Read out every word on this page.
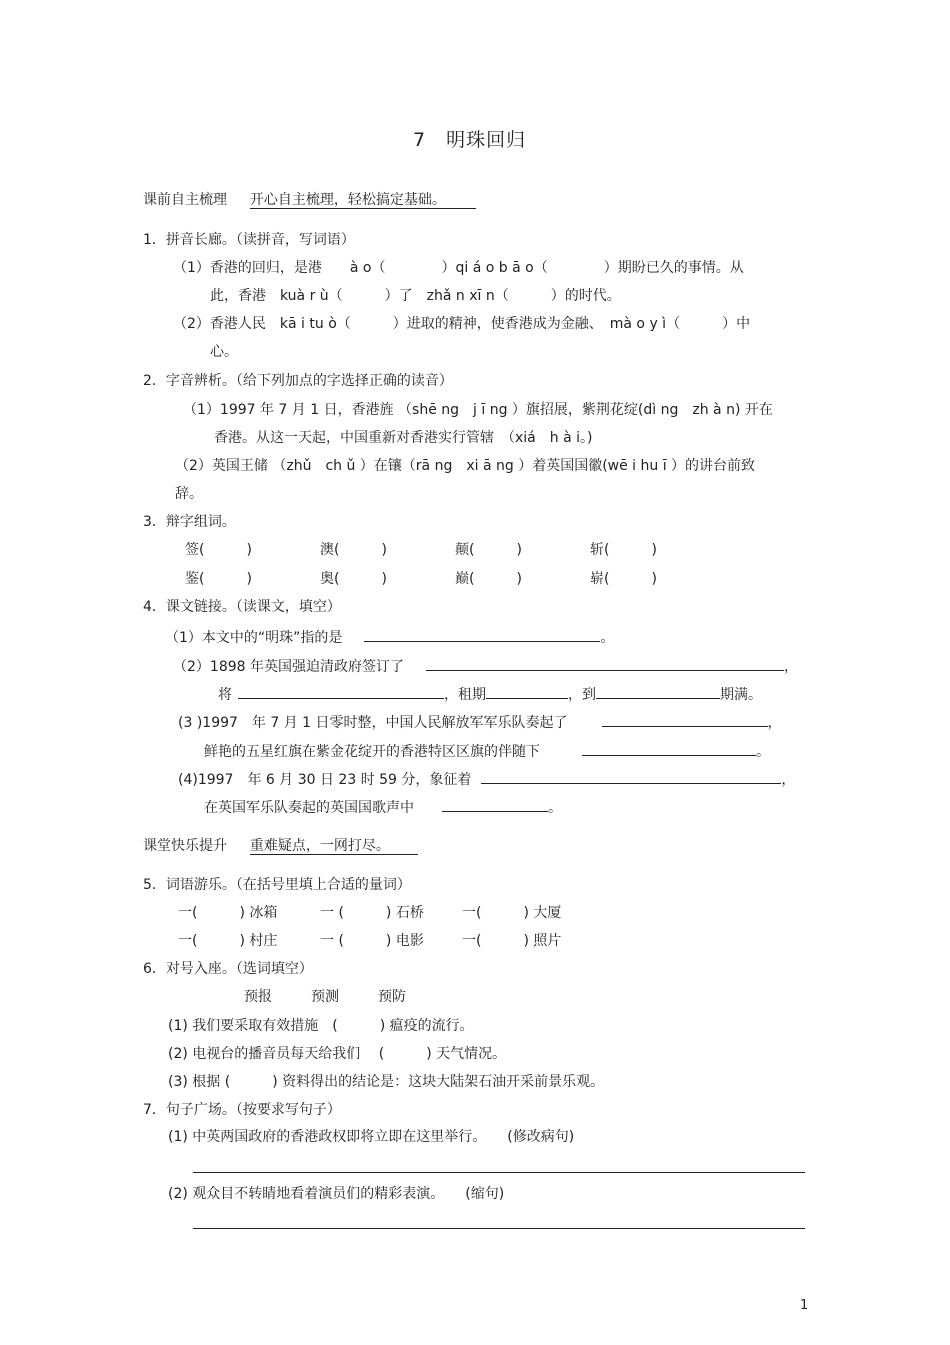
7　明珠回归
课前自主梳理 开心自主梳理，轻松搞定基础。
1．拼音长廊。（读拼音，写词语）
（1）香港的回归，是港　　à o（　　　　）qi á o b ā o（　　　　）期盼已久的事情。从
此，香港　kuà r ù（　　　）了　zhǎ n xī n（　　　）的时代。
（2）香港人民　kā i tu ò（　　　）进取的精神，使香港成为金融、　mà o y ì（　　　）中
心。
2．字音辨析。（给下列加点的字选择正确的读音）
（1）1997 年 7 月 1 日，香港旌 （shē ng　j ī ng ）旗招展，紫荆花绽(dì ng　zh à n) 开在
香港。从这一天起，中国重新对香港实行管辖　（xiá　h à i。)
（2）英国王储 （zhǔ　ch ǔ ）在镶（rā ng　xi ā ng ）着英国国徽(wē i hu ī ）的讲台前致
辞。
3．辩字组词。
签(　　　)	澳(　　　)	颠(　　　)	斩(　　　)
鉴(　　　)	奥(　　　)	巅(　　　)	崭(　　　)
4．课文链接。（读课文，填空）
（1）本文中的“明珠”指的是	。
（2）1898 年英国强迫清政府签订了	，
将	，租期	，到	期满。
(3 )1997　年 7 月 1 日零时整，中国人民解放军军乐队奏起了	，
鲜艳的五星红旗在紫金花绽开的香港特区区旗的伴随下	。
(4)1997　年 6 月 30 日 23 时 59 分，象征着	，
在英国军乐队奏起的英国国歌声中	。
课堂快乐提升 重难疑点，一网打尽。
5．词语游乐。（在括号里填上合适的量词）
一(　　　) 冰箱	一 (　　　) 石桥	一(　　　) 大厦
一(　　　) 村庄	一 (　　　) 电影	一(　　　) 照片
6．对号入座。（选词填空）
预报	预测	预防
(1) 我们要采取有效措施　(　　　) 瘟疫的流行。
(2) 电视台的播音员每天给我们　 (　　　) 天气情况。
(3) 根据 (　　　) 资料得出的结论是：这块大陆架石油开采前景乐观。
7．句子广场。（按要求写句子）
(1) 中英两国政府的香港政权即将立即在这里举行。　　(修改病句)
(2) 观众目不转睛地看着演员们的精彩表演。　　(缩句)
1
